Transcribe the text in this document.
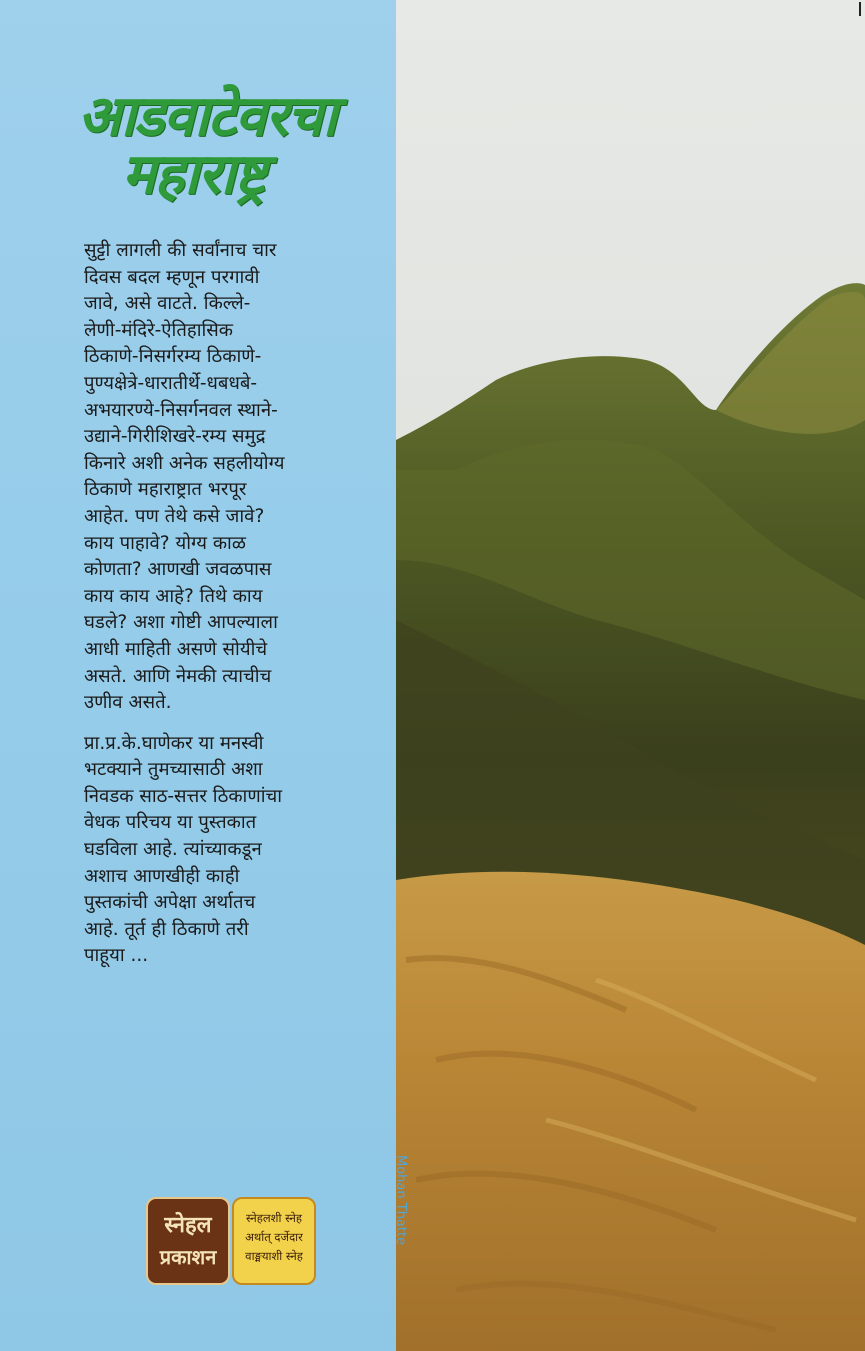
आडवाटेवरचा
महाराष्ट्र

सुट्टी लागली की सर्वांनाच चार
दिवस बदल म्हणून परगावी
जावे, असे वाटते. किल्ले-
लेणी-मंदिरे-ऐतिहासिक
ठिकाणे-निसर्गरम्य ठिकाणे-
पुण्यक्षेत्रे-धारातीर्थे-धबधबे-
अभयारण्ये-निसर्गनवल स्थाने-
उद्याने-गिरीशिखरे-रम्य समुद्र
किनारे अशी अनेक सहलीयोग्य
ठिकाणे महाराष्ट्रात भरपूर
आहेत. पण तेथे कसे जावे?
काय पाहावे? योग्य काळ
कोणता? आणखी जवळपास
काय काय आहे? तिथे काय
घडले? अशा गोष्टी आपल्याला
आधी माहिती असणे सोयीचे
असते. आणि नेमकी त्याचीच
उणीव असते.

प्रा.प्र.के.घाणेकर या मनस्वी
भटक्याने तुमच्यासाठी अशा
निवडक साठ-सत्तर ठिकाणांचा
वेधक परिचय या पुस्तकात
घडविला आहे. त्यांच्याकडून
अशाच आणखीही काही
पुस्तकांची अपेक्षा अर्थातच
आहे. तूर्त ही ठिकाणे तरी
पाहूया ...

स्नेहल
प्रकाशन
स्नेहलशी स्नेह
अर्थात् दर्जेदार
वाङ्मयाशी स्नेह
Mohan Thatte
